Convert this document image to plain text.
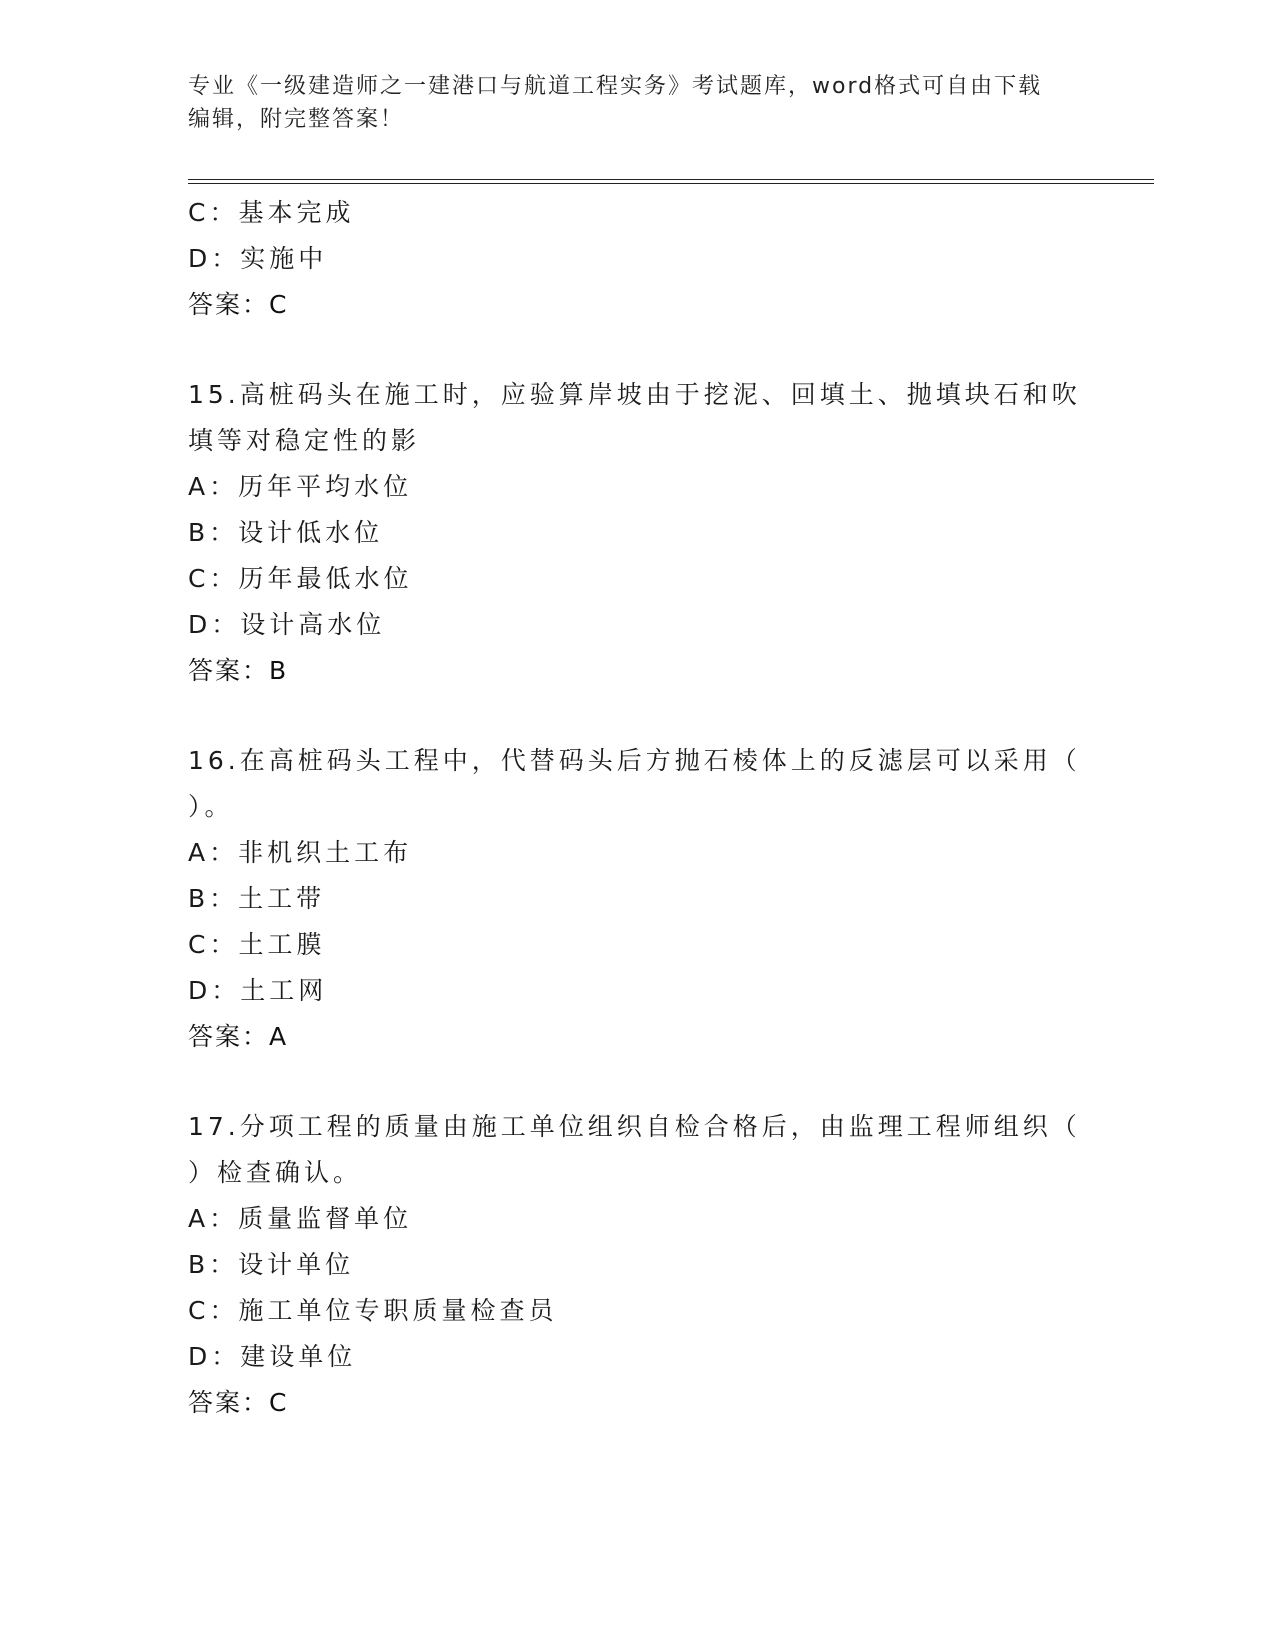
专业《一级建造师之一建港口与航道工程实务》考试题库，word格式可自由下载
编辑，附完整答案！
C：基本完成
D：实施中
答案：C
15.高桩码头在施工时，应验算岸坡由于挖泥、回填土、抛填块石和吹
填等对稳定性的影
A：历年平均水位
B：设计低水位
C：历年最低水位
D：设计高水位
答案：B
16.在高桩码头工程中，代替码头后方抛石棱体上的反滤层可以采用（
）。
A：非机织土工布
B：土工带
C：土工膜
D：土工网
答案：A
17.分项工程的质量由施工单位组织自检合格后，由监理工程师组织（
）检查确认。
A：质量监督单位
B：设计单位
C：施工单位专职质量检查员
D：建设单位
答案：C
